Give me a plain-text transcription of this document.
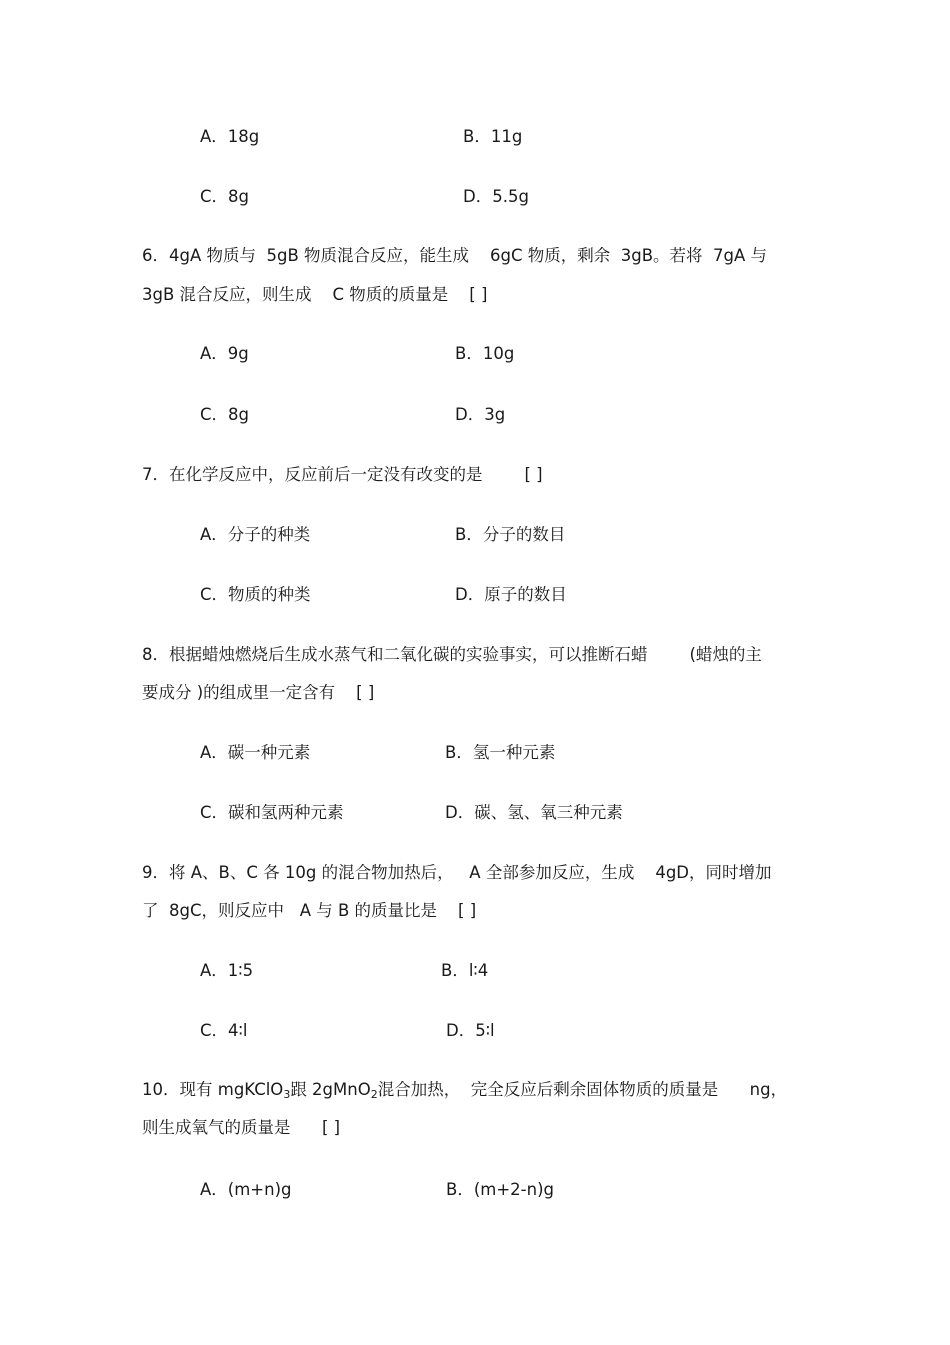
A．18g	B．11g
C．8g	D．5.5g
6．4gA 物质与  5gB 物质混合反应，能生成    6gC 物质，剩余  3gB。若将  7gA 与
3gB 混合反应，则生成    C 物质的质量是    [ ]
A．9g	B．10g
C．8g	D．3g
7．在化学反应中，反应前后一定没有改变的是        [ ]
A．分子的种类	B．分子的数目
C．物质的种类	D．原子的数目
8．根据蜡烛燃烧后生成水蒸气和二氧化碳的实验事实，可以推断石蜡        (蜡烛的主
要成分 )的组成里一定含有    [ ]
A．碳一种元素	B．氢一种元素
C．碳和氢两种元素	D．碳、氢、氧三种元素
9．将 A、B、C 各 10g 的混合物加热后，   A 全部参加反应，生成    4gD，同时增加
了  8gC，则反应中   A 与 B 的质量比是    [ ]
A．1∶5	B．l∶4
C．4∶l	D．5∶l
10．现有 mgKClO$_3$跟 2gMnO$_2$混合加热，  完全反应后剩余固体物质的质量是      ng，
则生成氧气的质量是      [ ]
A．(m+n)g	B．(m+2-n)g
